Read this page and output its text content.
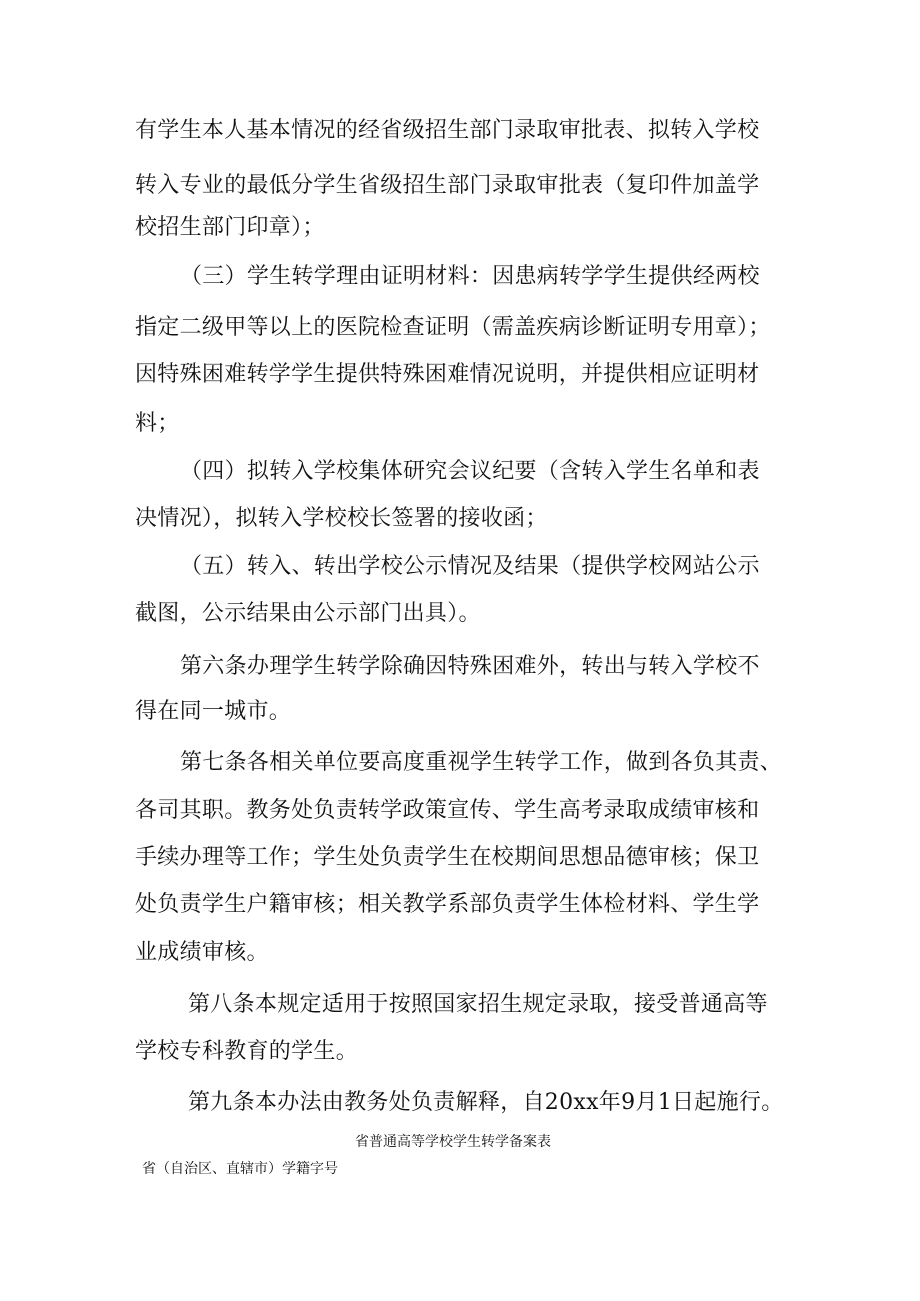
有学生本人基本情况的经省级招生部门录取审批表、拟转入学校
转入专业的最低分学生省级招生部门录取审批表（复印件加盖学
校招生部门印章）；
（三）学生转学理由证明材料：因患病转学学生提供经两校
指定二级甲等以上的医院检查证明（需盖疾病诊断证明专用章）；
因特殊困难转学学生提供特殊困难情况说明，并提供相应证明材
料；
（四）拟转入学校集体研究会议纪要（含转入学生名单和表
决情况），拟转入学校校长签署的接收函；
（五）转入、转出学校公示情况及结果（提供学校网站公示
截图，公示结果由公示部门出具）。
第六条办理学生转学除确因特殊困难外，转出与转入学校不
得在同一城市。
第七条各相关单位要高度重视学生转学工作，做到各负其责、
各司其职。教务处负责转学政策宣传、学生高考录取成绩审核和
手续办理等工作；学生处负责学生在校期间思想品德审核；保卫
处负责学生户籍审核；相关教学系部负责学生体检材料、学生学
业成绩审核。
第八条本规定适用于按照国家招生规定录取，接受普通高等
学校专科教育的学生。
第九条本办法由教务处负责解释，自20xx年9月1日起施行。
省普通高等学校学生转学备案表
省（自治区、直辖市）学籍字号
